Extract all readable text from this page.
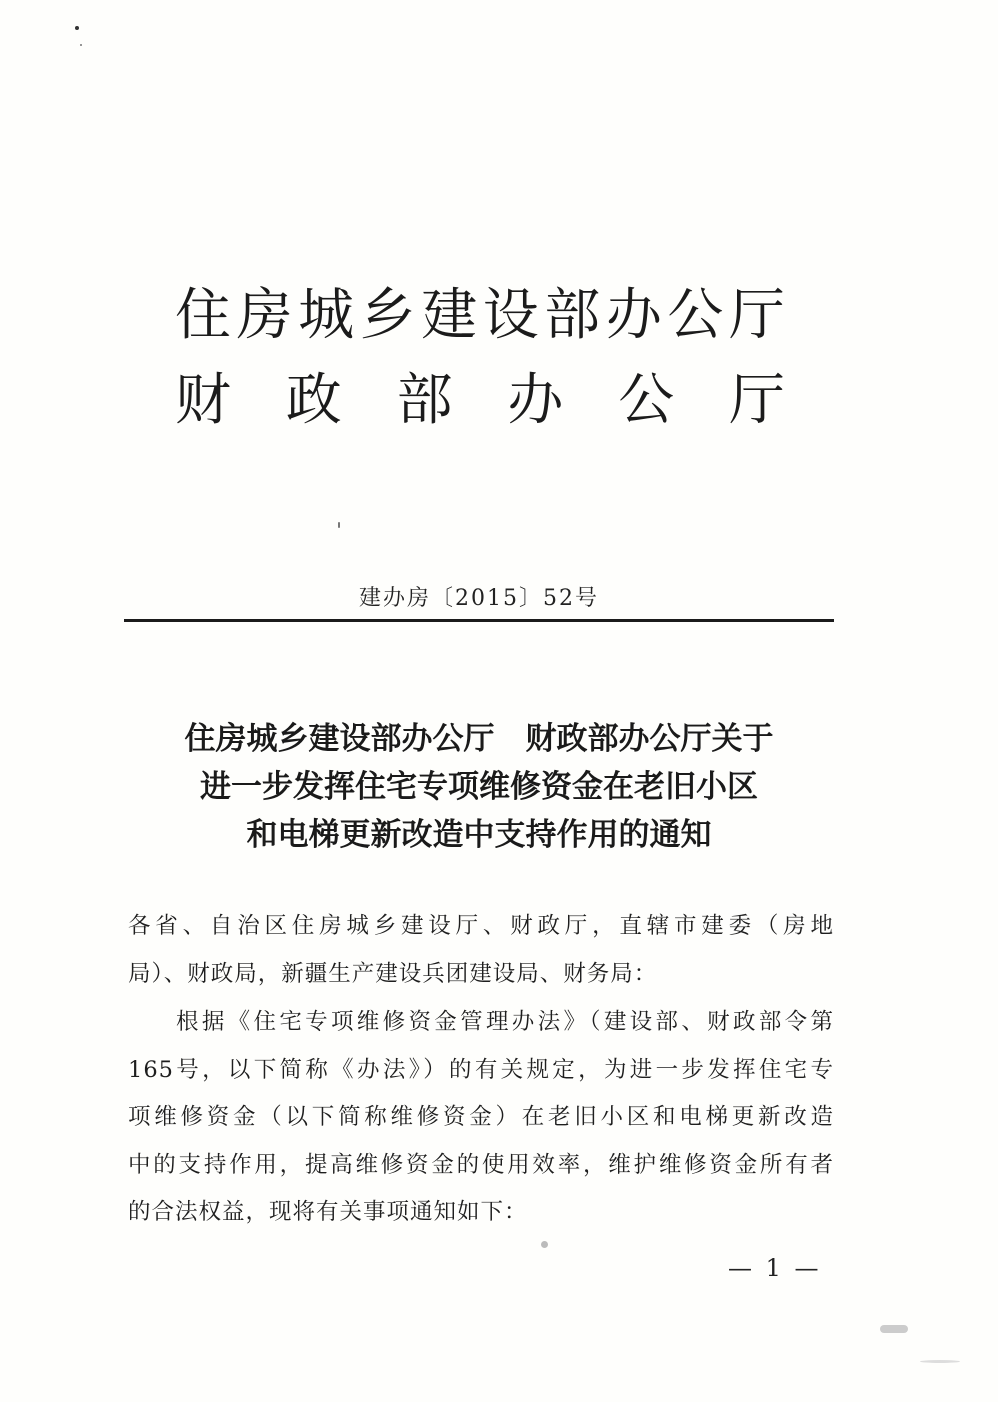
住 房 城 乡 建 设 部 办 公 厅
财 政 部 办 公 厅
建办房〔2015〕52号
住房城乡建设部办公厅　财政部办公厅关于
进一步发挥住宅专项维修资金在老旧小区
和电梯更新改造中支持作用的通知
各省、自治区住房城乡建设厅、财政厅，直辖市建委（房地
局）、财政局，新疆生产建设兵团建设局、财务局：
根据《住宅专项维修资金管理办法》（建设部、财政部令第
165号，以下简称《办法》）的有关规定，为进一步发挥住宅专
项维修资金（以下简称维修资金）在老旧小区和电梯更新改造
中的支持作用，提高维修资金的使用效率，维护维修资金所有者
的合法权益，现将有关事项通知如下：
— 1 —
